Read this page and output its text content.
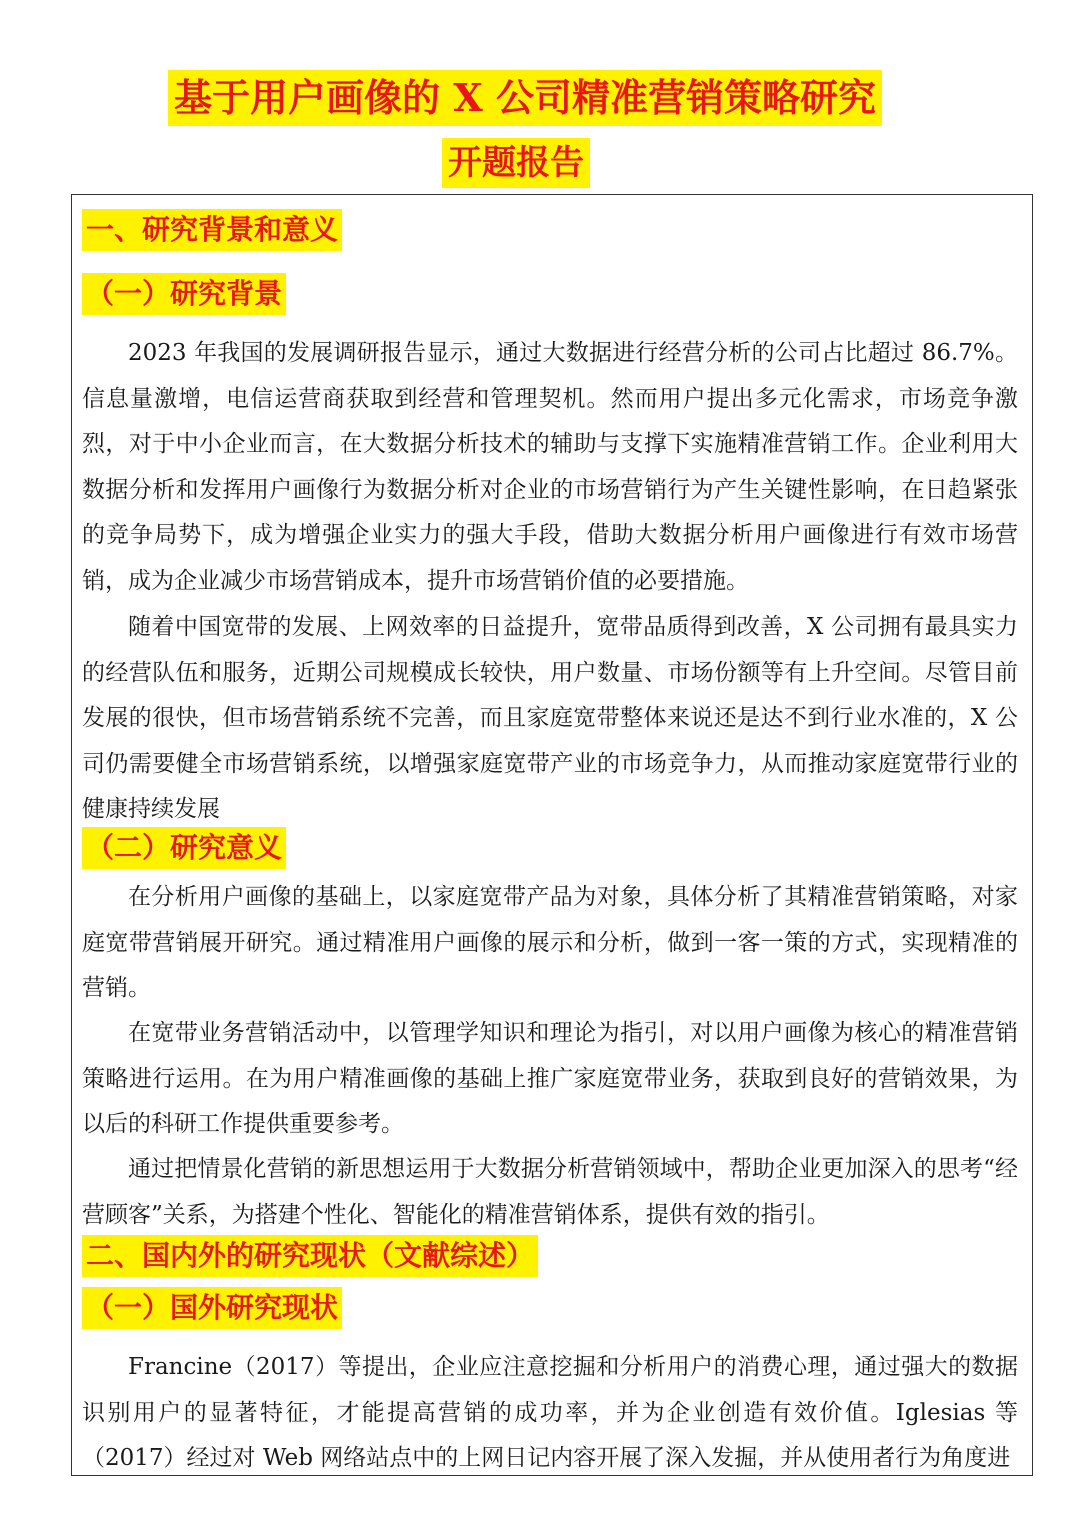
基于用户画像的 X 公司精准营销策略研究
开题报告
一、研究背景和意义
（一）研究背景

2023 年我国的发展调研报告显示，通过大数据进行经营分析的公司占比超过 86.7%。信息量激增，电信运营商获取到经营和管理契机。然而用户提出多元化需求，市场竞争激烈，对于中小企业而言，在大数据分析技术的辅助与支撑下实施精准营销工作。企业利用大数据分析和发挥用户画像行为数据分析对企业的市场营销行为产生关键性影响，在日趋紧张的竞争局势下，成为增强企业实力的强大手段，借助大数据分析用户画像进行有效市场营销，成为企业减少市场营销成本，提升市场营销价值的必要措施。

随着中国宽带的发展、上网效率的日益提升，宽带品质得到改善，X 公司拥有最具实力的经营队伍和服务，近期公司规模成长较快，用户数量、市场份额等有上升空间。尽管目前发展的很快，但市场营销系统不完善，而且家庭宽带整体来说还是达不到行业水准的，X 公司仍需要健全市场营销系统，以增强家庭宽带产业的市场竞争力，从而推动家庭宽带行业的健康持续发展

（二）研究意义

在分析用户画像的基础上，以家庭宽带产品为对象，具体分析了其精准营销策略，对家庭宽带营销展开研究。通过精准用户画像的展示和分析，做到一客一策的方式，实现精准的营销。

在宽带业务营销活动中，以管理学知识和理论为指引，对以用户画像为核心的精准营销策略进行运用。在为用户精准画像的基础上推广家庭宽带业务，获取到良好的营销效果，为以后的科研工作提供重要参考。

通过把情景化营销的新思想运用于大数据分析营销领域中，帮助企业更加深入的思考“经营顾客”关系，为搭建个性化、智能化的精准营销体系，提供有效的指引。

二、国内外的研究现状（文献综述）
（一）国外研究现状

Francine（2017）等提出，企业应注意挖掘和分析用户的消费心理，通过强大的数据识别用户的显著特征，才能提高营销的成功率，并为企业创造有效价值。Iglesias 等（2017）经过对 Web 网络站点中的上网日记内容开展了深入发掘，并从使用者行为角度进
